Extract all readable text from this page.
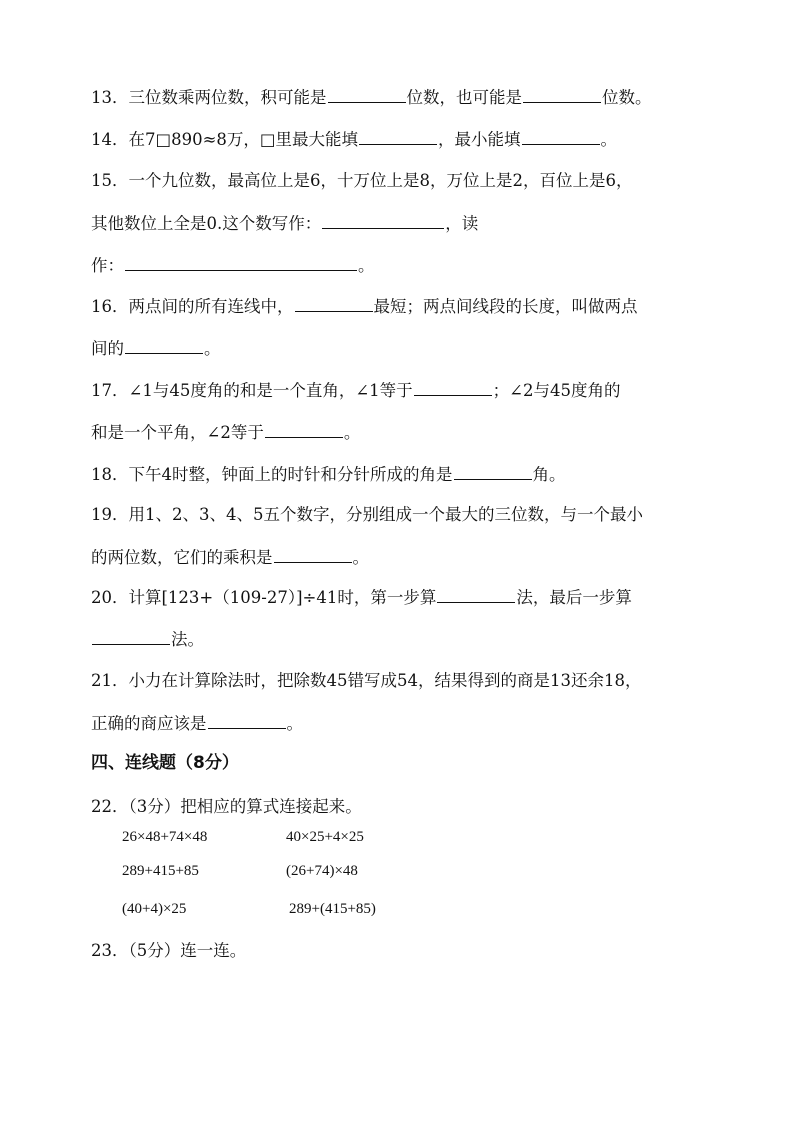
13．三位数乘两位数，积可能是	位数，也可能是	位数。
14．在7□890≈8万，□里最大能填	，最小能填	。
15．一个九位数，最高位上是6，十万位上是8，万位上是2，百位上是6，
其他数位上全是0.这个数写作：	，读
作：	。
16．两点间的所有连线中，	最短；两点间线段的长度，叫做两点
间的	。
17．∠1与45度角的和是一个直角，∠1等于	；∠2与45度角的
和是一个平角，∠2等于	。
18．下午4时整，钟面上的时针和分针所成的角是	角。
19．用1、2、3、4、5五个数字，分别组成一个最大的三位数，与一个最小
的两位数，它们的乘积是	。
20．计算[123+（109-27）]÷41时，第一步算	法，最后一步算
法。
21．小力在计算除法时，把除数45错写成54，结果得到的商是13还余18，
正确的商应该是	。
四、连线题（8分）
22．（3分）把相应的算式连接起来。
26×48+74×48
289+415+85
(40+4)×25
40×25+4×25
(26+74)×48
289+(415+85)
23．（5分）连一连。
